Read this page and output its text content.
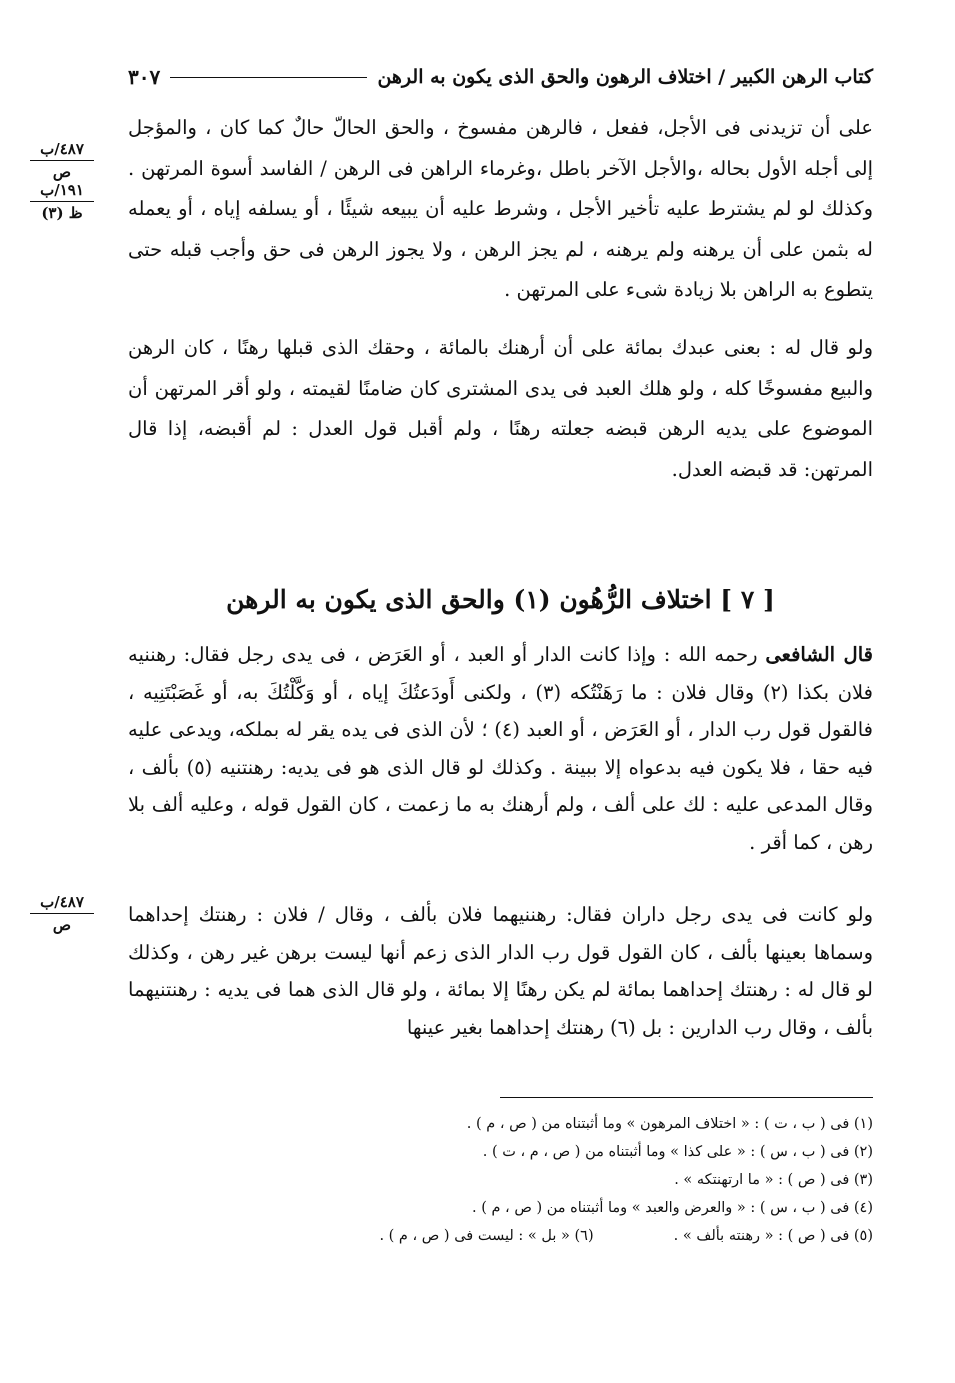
كتاب الرهن الكبير / اختلاف الرهون والحق الذى يكون به الرهن
٣٠٧
٤٨٧/ب
ص
١٩١/ب
ظ (٣)

على أن تزيدنى فى الأجل، ففعل ، فالرهن مفسوخ ، والحق الحالّ حالٌ كما كان ، والمؤجل إلى أجله الأول بحاله ،والأجل الآخر باطل ،وغرماء الراهن فى الرهن / الفاسد أسوة المرتهن . وكذلك لو لم يشترط عليه تأخير الأجل ، وشرط عليه أن يبيعه شيئًا ، أو يسلفه إياه ، أو يعمله له بثمن على أن يرهنه ولم يرهنه ، لم يجز الرهن ، ولا يجوز الرهن فى حق وأجب قبله حتى يتطوع به الراهن بلا زيادة شىء على المرتهن .

ولو قال له : بعنى عبدك بمائة على أن أرهنك بالمائة ، وحقك الذى قبلها رهنًا ، كان الرهن والبيع مفسوخًا كله ، ولو هلك العبد فى يدى المشترى كان ضامنًا لقيمته ، ولو أقر المرتهن أن الموضوع على يديه الرهن قبضه جعلته رهنًا ، ولم أقبل قول العدل : لم أقبضه، إذا قال المرتهن: قد قبضه العدل.

[ ٧ ] اختلاف الرُّهُون (١) والحق الذى يكون به الرهن

قال الشافعى رحمه الله : وإذا كانت الدار أو العبد ، أو العَرَض ، فى يدى رجل فقال: رهننيه فلان بكذا (٢) وقال فلان : ما رَهَنْتُكه (٣) ، ولكنى أَودَعتُكَ إياه ، أو وَكَّلْتُكَ به، أو غَصَبْتَنِيه ، فالقول قول رب الدار ، أو العَرَض ، أو العبد (٤) ؛ لأن الذى فى يده يقر له بملكه، ويدعى عليه فيه حقا ، فلا يكون فيه بدعواه إلا ببينة . وكذلك لو قال الذى هو فى يديه: رهنتنيه (٥) بألف ، وقال المدعى عليه : لك على ألف ، ولم أرهنك به ما زعمت ، كان القول قوله ، وعليه ألف بلا رهن ، كما أقر .

٤٨٧/ب
ص	ولو كانت فى يدى رجل داران فقال: رهننيهما فلان بألف ، وقال / فلان : رهنتك إحداهما وسماها بعينها بألف ، كان القول قول رب الدار الذى زعم أنها ليست برهن غير رهن ، وكذلك لو قال له : رهنتك إحداهما بمائة لم يكن رهنًا إلا بمائة ، ولو قال الذى هما فى يديه : رهنتنيهما بألف ، وقال رب الدارين : بل (٦) رهنتك إحداهما بغير عينها

(١) فى ( ب ، ت ) : « اختلاف المرهون » وما أثبتناه من ( ص ، م ) .
(٢) فى ( ب ، س ) : « على كذا » وما أثبتناه من ( ص ، م ، ت ) .
(٣) فى ( ص ) : « ما ارتهنتكه » .
(٤) فى ( ب ، س ) : « والعرض والعبد » وما أثبتناه من ( ص ، م ) .
(٥) فى ( ص ) : « رهنته بألف » .
(٦) « بل » : ليست فى ( ص ، م ) .
